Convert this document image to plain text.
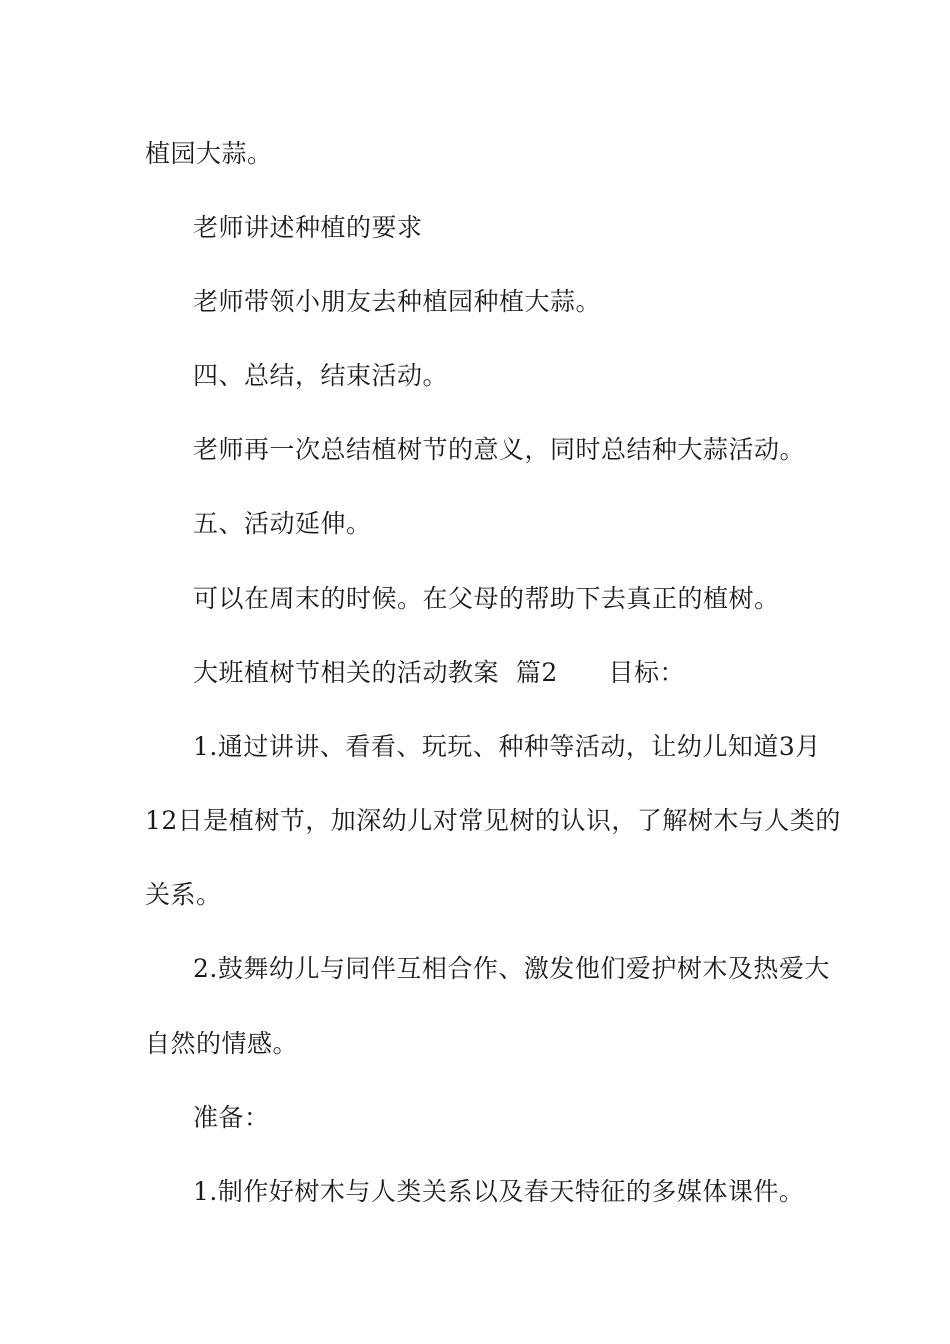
植园大蒜。
老师讲述种植的要求
老师带领小朋友去种植园种植大蒜。
四、总结，结束活动。
老师再一次总结植树节的意义，同时总结种大蒜活动。
五、活动延伸。
可以在周末的时候。在父母的帮助下去真正的植树。
大班植树节相关的活动教案  篇2      目标：
1.通过讲讲、看看、玩玩、种种等活动，让幼儿知道3月
12日是植树节，加深幼儿对常见树的认识，了解树木与人类的
关系。
2.鼓舞幼儿与同伴互相合作、激发他们爱护树木及热爱大
自然的情感。
准备：
1.制作好树木与人类关系以及春天特征的多媒体课件。
